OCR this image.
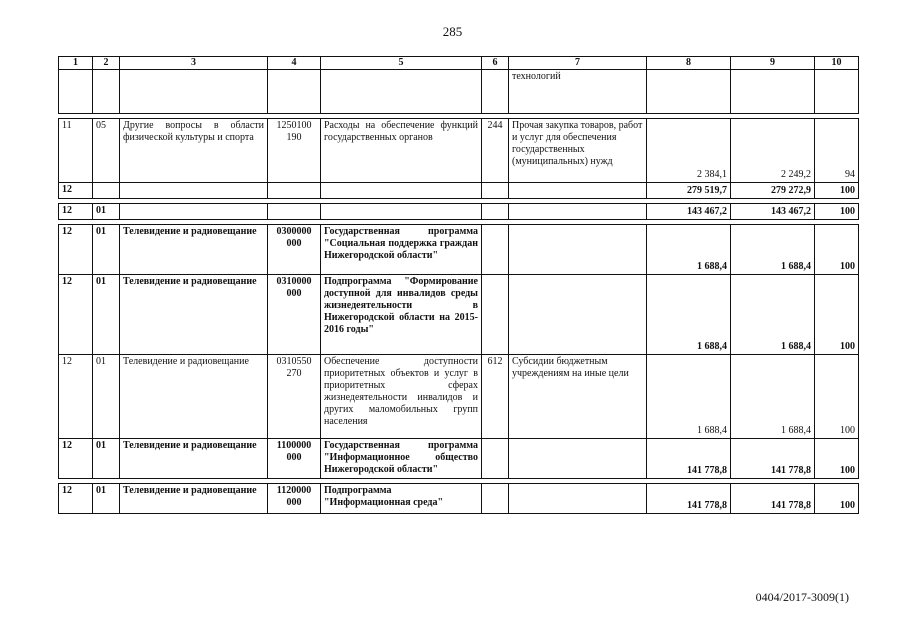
285
1	2	3	4	5	6	7	8	9	10
						технологий			

11	05	Другие вопросы в области физической культуры и спорта	1250100 190	Расходы на обеспечение функций государственных органов	244	Прочая закупка товаров, работ и услуг для обеспечения государственных (муниципальных) нужд	2 384,1	2 249,2	94
12							279 519,7	279 272,9	100

12	01						143 467,2	143 467,2	100

12	01	Телевидение и радиовещание	0300000 000	Государственная программа "Социальная поддержка граждан Нижегородской области"			1 688,4	1 688,4	100
12	01	Телевидение и радиовещание	0310000 000	Подпрограмма "Формирование доступной для инвалидов среды жизнедеятельности в Нижегородской области на 2015-2016 годы"			1 688,4	1 688,4	100
12	01	Телевидение и радиовещание	0310550 270	Обеспечение доступности приоритетных объектов и услуг в приоритетных сферах жизнедеятельности инвалидов и других маломобильных групп населения	612	Субсидии бюджетным учреждениям на иные цели	1 688,4	1 688,4	100
12	01	Телевидение и радиовещание	1100000 000	Государственная программа "Информационное общество Нижегородской области"			141 778,8	141 778,8	100

12	01	Телевидение и радиовещание	1120000 000	Подпрограмма "Информационная среда"			141 778,8	141 778,8	100
0404/2017-3009(1)
